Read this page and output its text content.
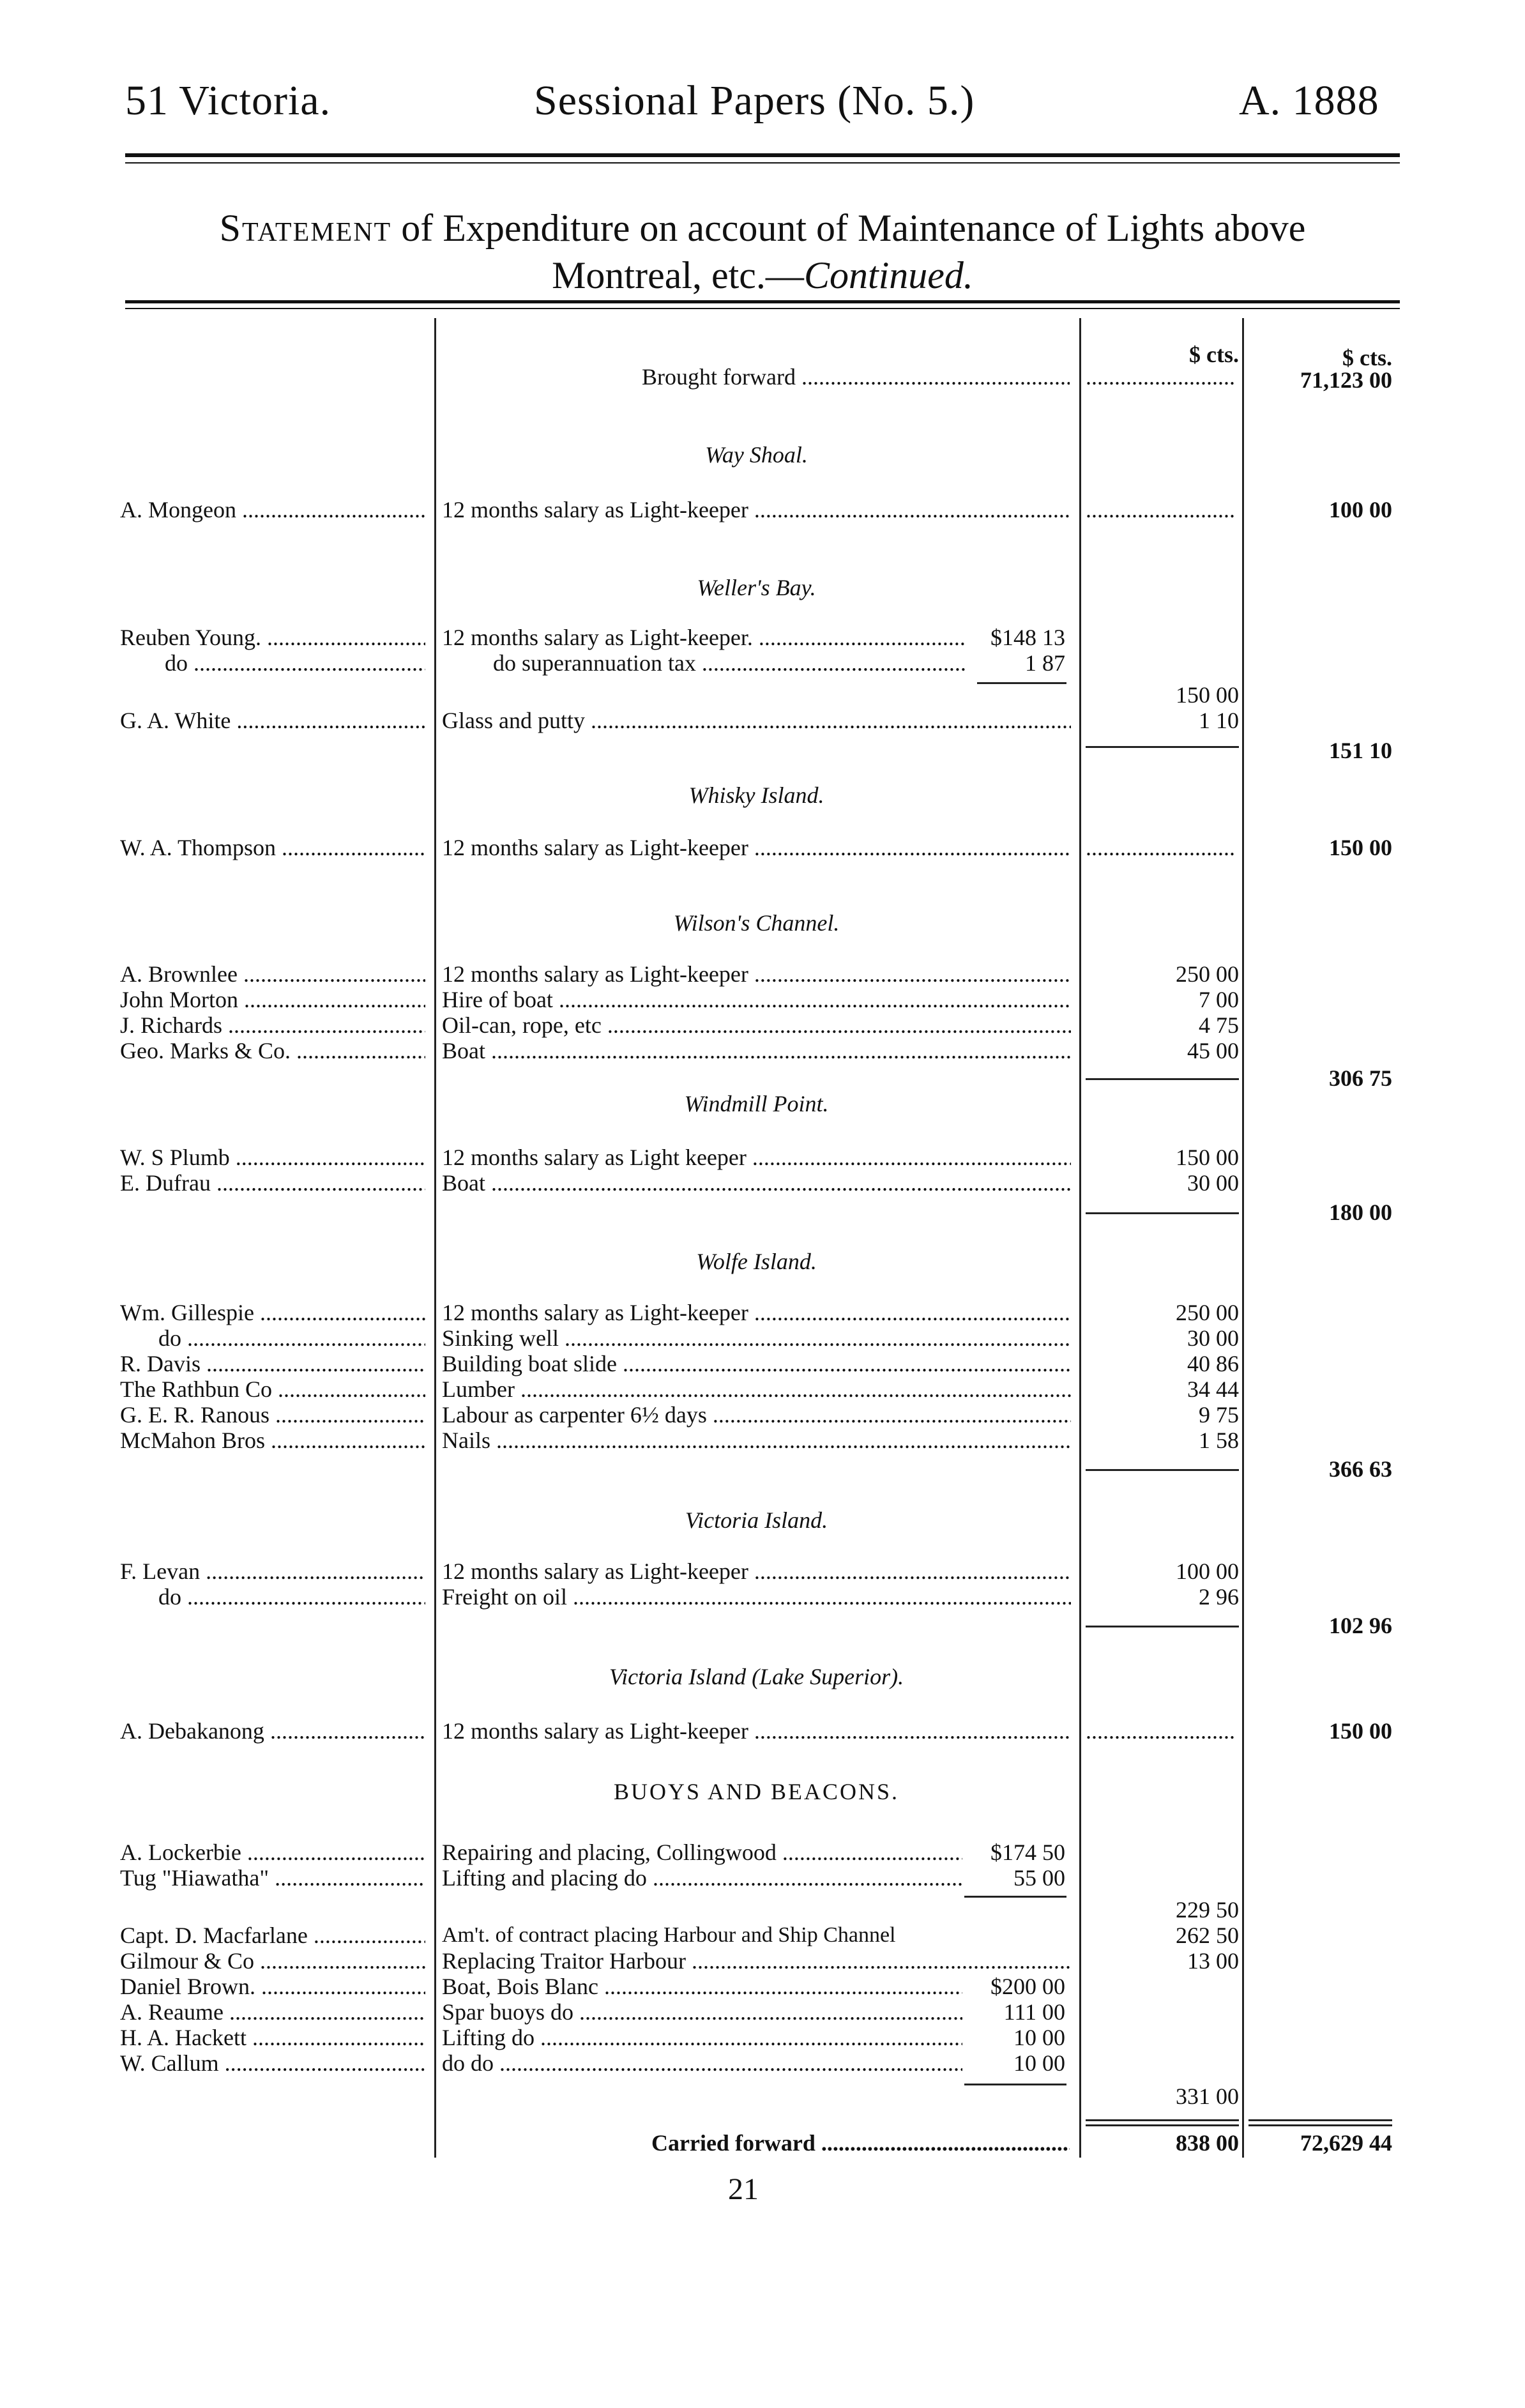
51 Victoria.	Sessional Papers (No. 5.)	A. 1888
Statement of Expenditure on account of Maintenance of Lights above
Montreal, etc.—Continued.
$ cts.	$ cts.
Brought forward ..... .....	71,123 00
Way Shoal.
A. Mongeon .....	12 months salary as Light-keeper ..... .....	100 00
Weller's Bay.
Reuben Young. .....	12 months salary as Light-keeper. .....	$148 13
do .....	do superannuation tax .....	1 87
150 00
G. A. White .....	Glass and putty .....	1 10
151 10
Whisky Island.
W. A. Thompson .....	12 months salary as Light-keeper ..... .....	150 00
Wilson's Channel.
A. Brownlee .....	12 months salary as Light-keeper .....	250 00
John Morton .....	Hire of boat .....	7 00
J. Richards .....	Oil-can, rope, etc .....	4 75
Geo. Marks & Co. .....	Boat .....	45 00
306 75
Windmill Point.
W. S Plumb .....	12 months salary as Light keeper .....	150 00
E. Dufrau .....	Boat .....	30 00
180 00
Wolfe Island.
Wm. Gillespie .....	12 months salary as Light-keeper .....	250 00
do .....	Sinking well .....	30 00
R. Davis .....	Building boat slide .....	40 86
The Rathbun Co .....	Lumber .....	34 44
G. E. R. Ranous .....	Labour as carpenter 6½ days .....	9 75
McMahon Bros .....	Nails .....	1 58
366 63
Victoria Island.
F. Levan .....	12 months salary as Light-keeper .....	100 00
do .....	Freight on oil .....	2 96
102 96
Victoria Island (Lake Superior).
A. Debakanong .....	12 months salary as Light-keeper ..... .....	150 00
BUOYS AND BEACONS.
A. Lockerbie .....	Repairing and placing, Collingwood .....	$174 50
Tug "Hiawatha" .....	Lifting and placing do .....	55 00
229 50
Capt. D. Macfarlane .....	Am't. of contract placing Harbour and Ship Channel	262 50
Gilmour & Co .....	Replacing Traitor Harbour .....	13 00
Daniel Brown. .....	Boat, Bois Blanc .....	$200 00
A. Reaume .....	Spar buoys do .....	111 00
H. A. Hackett .....	Lifting do .....	10 00
W. Callum .....	do do .....	10 00
331 00
Carried forward .....	838 00	72,629 44
21
